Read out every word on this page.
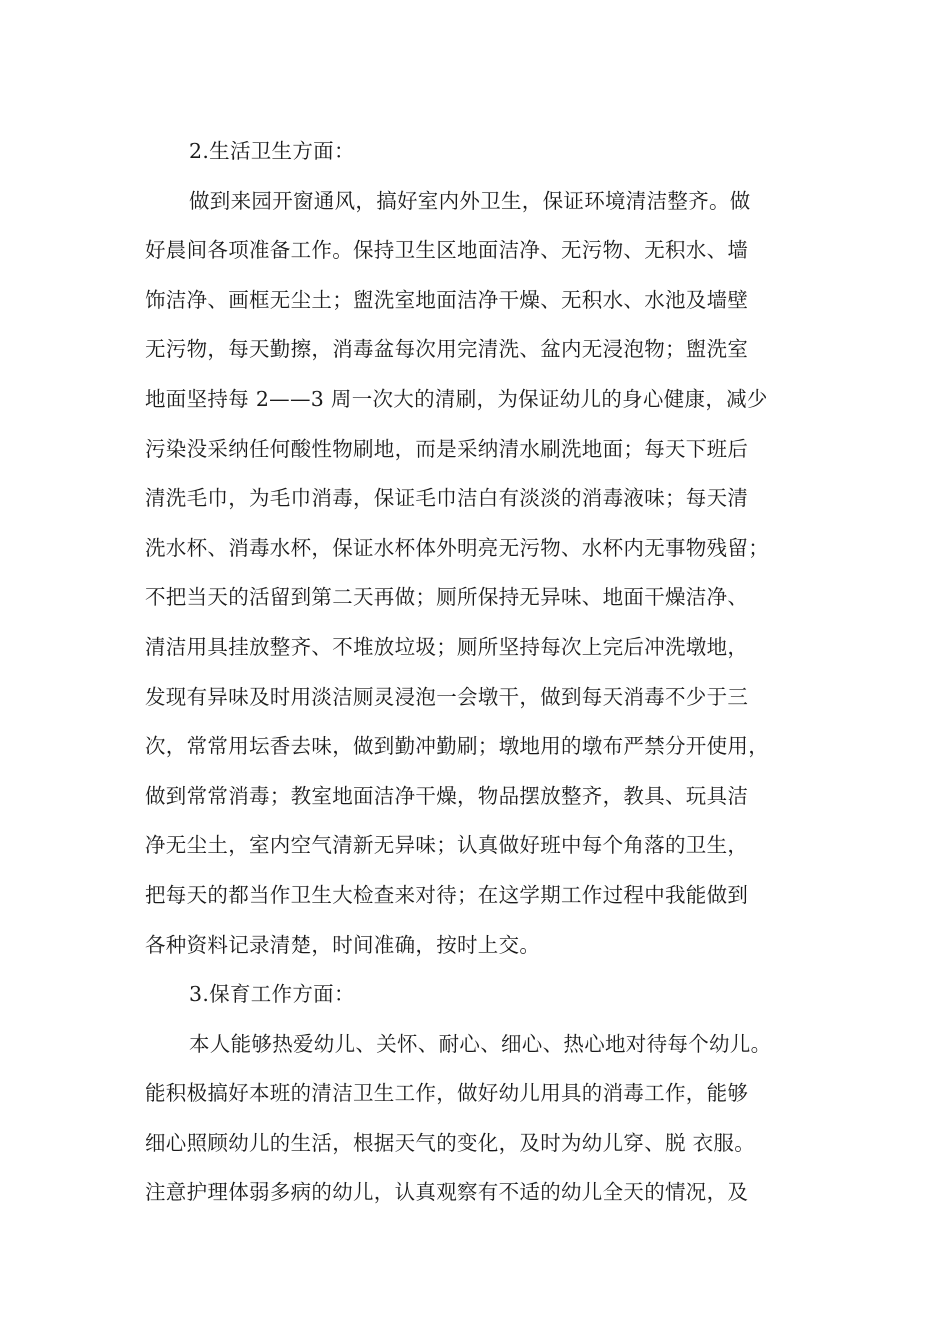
2.生活卫生方面：
做到来园开窗通风，搞好室内外卫生，保证环境清洁整齐。做
好晨间各项准备工作。保持卫生区地面洁净、无污物、无积水、墙
饰洁净、画框无尘土；盥洗室地面洁净干燥、无积水、水池及墙壁
无污物，每天勤擦，消毒盆每次用完清洗、盆内无浸泡物；盥洗室
地面坚持每 2——3 周一次大的清刷，为保证幼儿的身心健康，减少
污染没采纳任何酸性物刷地，而是采纳清水刷洗地面；每天下班后
清洗毛巾，为毛巾消毒，保证毛巾洁白有淡淡的消毒液味；每天清
洗水杯、消毒水杯，保证水杯体外明亮无污物、水杯内无事物残留；
不把当天的活留到第二天再做；厕所保持无异味、地面干燥洁净、
清洁用具挂放整齐、不堆放垃圾；厕所坚持每次上完后冲洗墩地，
发现有异味及时用淡洁厕灵浸泡一会墩干，做到每天消毒不少于三
次，常常用坛香去味，做到勤冲勤刷；墩地用的墩布严禁分开使用，
做到常常消毒；教室地面洁净干燥，物品摆放整齐，教具、玩具洁
净无尘土，室内空气清新无异味；认真做好班中每个角落的卫生，
把每天的都当作卫生大检查来对待；在这学期工作过程中我能做到
各种资料记录清楚，时间准确，按时上交。
3.保育工作方面：
本人能够热爱幼儿、关怀、耐心、细心、热心地对待每个幼儿。
能积极搞好本班的清洁卫生工作，做好幼儿用具的消毒工作，能够
细心照顾幼儿的生活，根据天气的变化，及时为幼儿穿、脱 衣服。
注意护理体弱多病的幼儿，认真观察有不适的幼儿全天的情况，及
